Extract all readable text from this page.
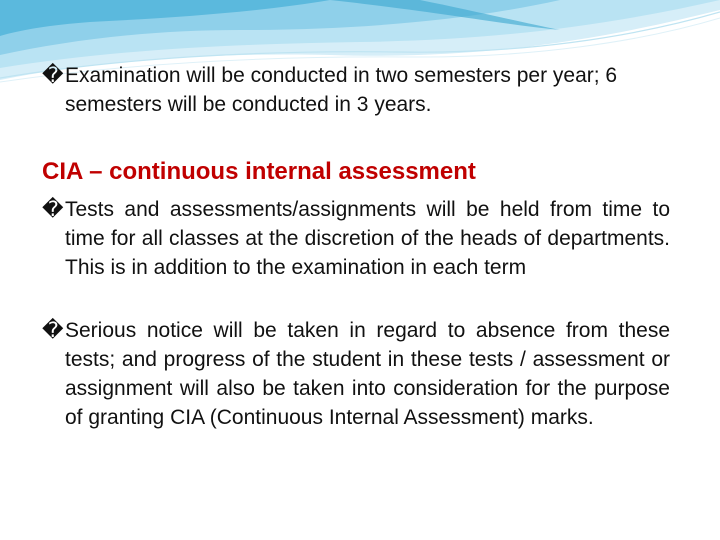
� Examination will be conducted in two semesters per year; 6 semesters will be conducted in 3 years.
CIA – continuous internal assessment
� Tests and assessments/assignments will be held from time to time for all classes at the discretion of the heads of departments. This is in addition to the examination in each term
� Serious notice will be taken in regard to absence from these tests; and progress of the student in these tests / assessment or assignment will also be taken into consideration for the purpose of granting CIA (Continuous Internal Assessment) marks.
